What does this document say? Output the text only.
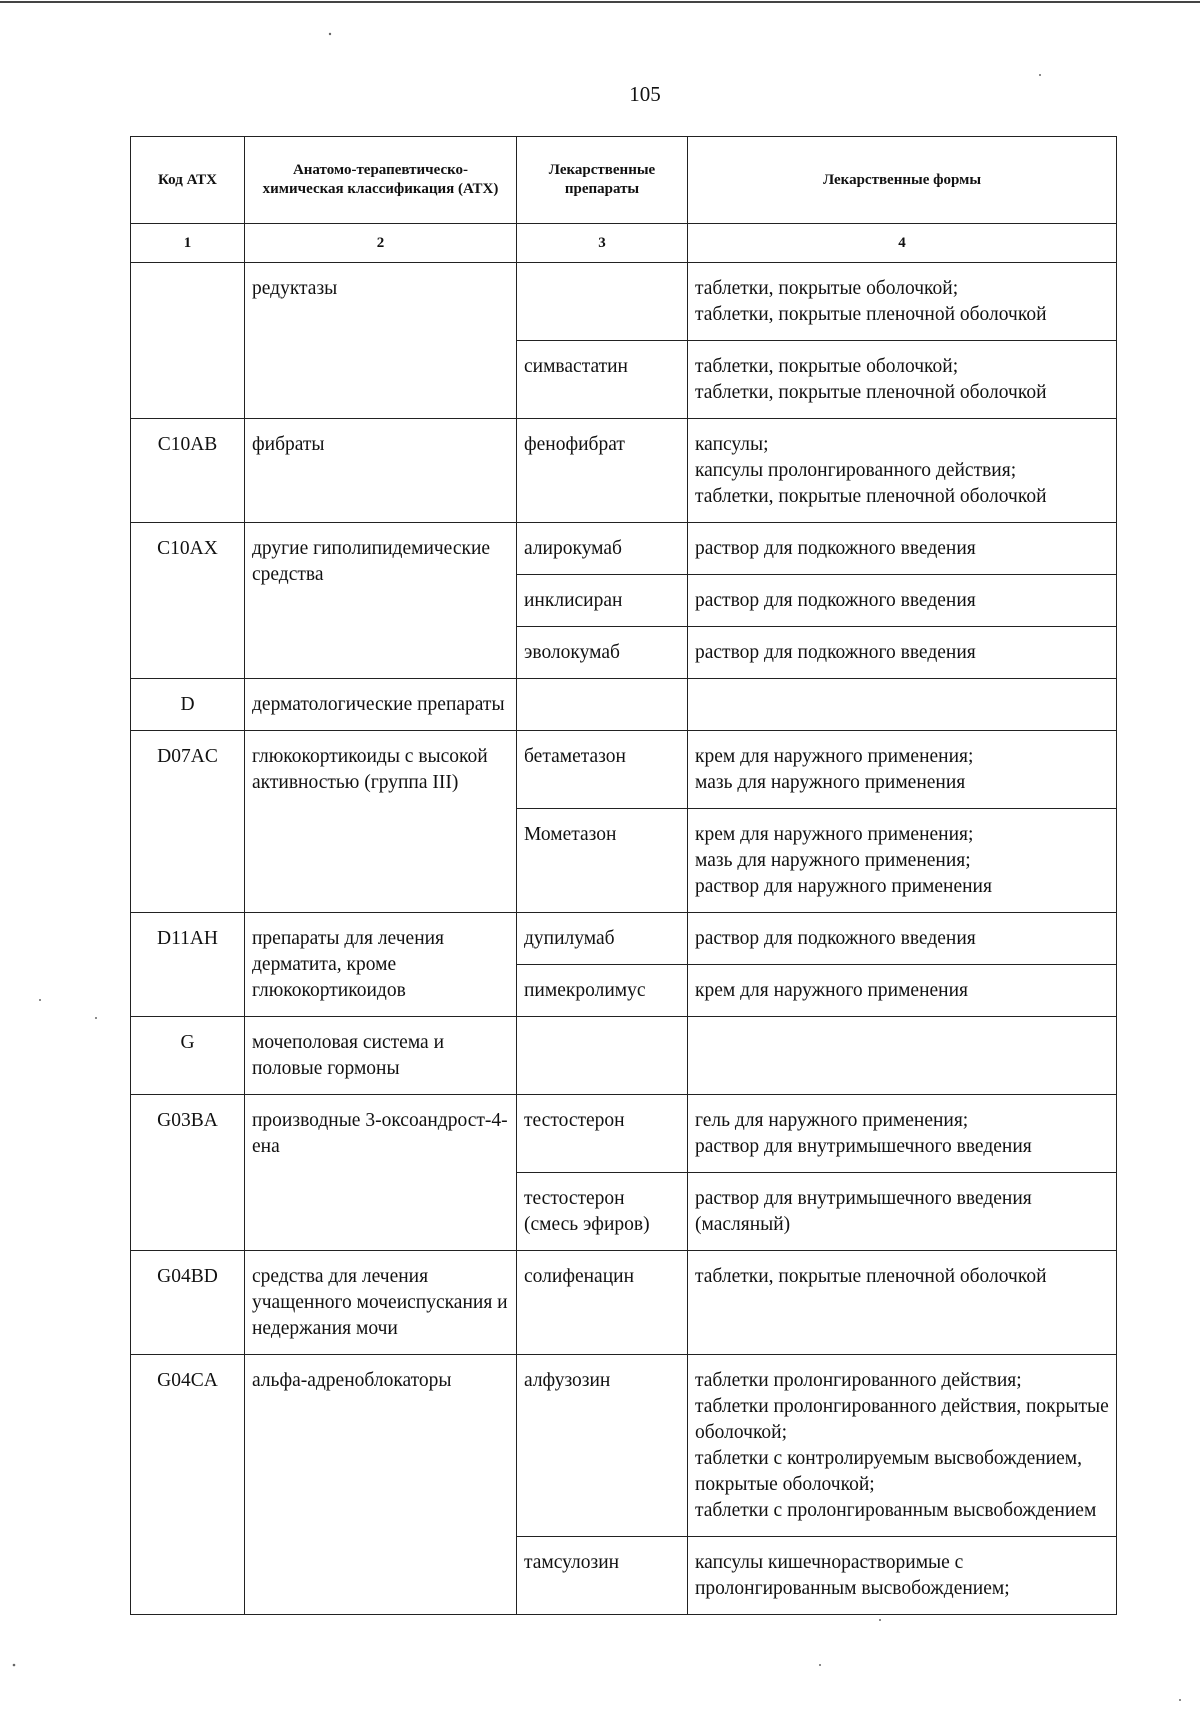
105
Код АТХ	Анатомо-терапевтическо-химическая классификация (АТХ)	Лекарственные препараты	Лекарственные формы
1	2	3	4
	редуктазы		таблетки, покрытые оболочкой;
таблетки, покрытые пленочной оболочкой

		симвастатин	таблетки, покрытые оболочкой;
таблетки, покрытые пленочной оболочкой

C10AB	фибраты	фенофибрат	капсулы;
капсулы пролонгированного действия;
таблетки, покрытые пленочной оболочкой

C10AX	другие гиполипидемические средства	алирокумаб	раствор для подкожного введения

		инклисиран	раствор для подкожного введения

		эволокумаб	раствор для подкожного введения

D	дерматологические препараты		
D07AC	глюкокортикоиды с высокой активностью (группа III)	бетаметазон	крем для наружного применения;
мазь для наружного применения

		Мометазон	крем для наружного применения;
мазь для наружного применения;
раствор для наружного применения

D11AH	препараты для лечения дерматита, кроме глюкокортикоидов	дупилумаб	раствор для подкожного введения

		пимекролимус	крем для наружного применения

G	мочеполовая система и половые гормоны		
G03BA	производные 3-оксоандрост-4-ена	тестостерон	гель для наружного применения;
раствор для внутримышечного введения

		тестостерон (смесь эфиров)	раствор для внутримышечного введения (масляный)

G04BD	средства для лечения учащенного мочеиспускания и недержания мочи	солифенацин	таблетки, покрытые пленочной оболочкой

G04CA	альфа-адреноблокаторы	алфузозин	таблетки пролонгированного действия;
таблетки пролонгированного действия, покрытые оболочкой;
таблетки с контролируемым высвобождением, покрытые оболочкой;
таблетки с пролонгированным высвобождением

		тамсулозин	капсулы кишечнорастворимые с пролонгированным высвобождением;
